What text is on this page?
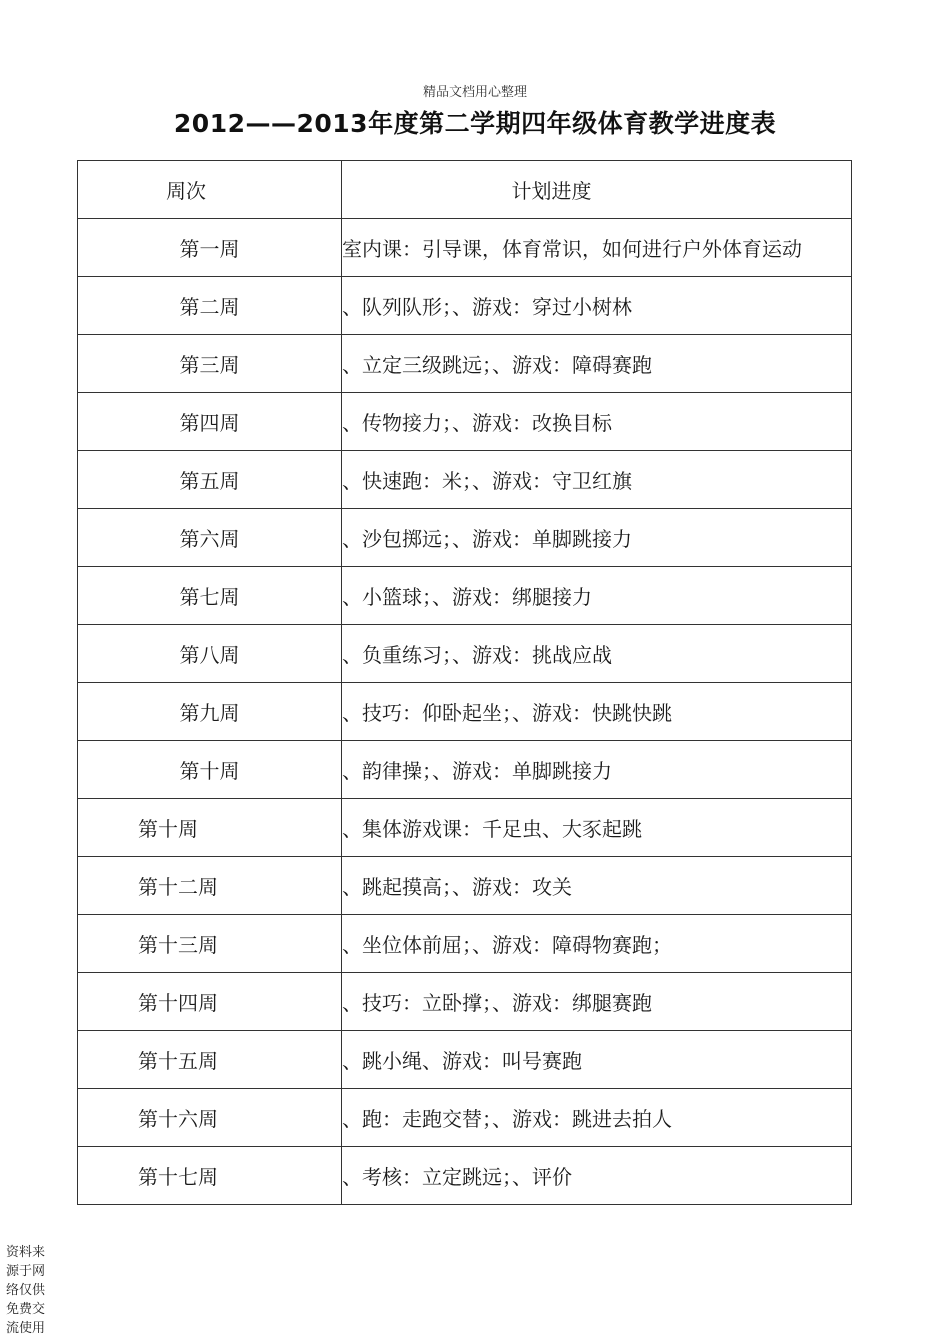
精品文档用心整理
2012——2013年度第二学期四年级体育教学进度表
周次	计划进度
第一周	室内课：引导课，体育常识，如何进行户外体育运动
第二周	、队列队形；、游戏：穿过小树林
第三周	、立定三级跳远；、游戏：障碍赛跑
第四周	、传物接力；、游戏：改换目标
第五周	、快速跑：米；、游戏：守卫红旗
第六周	、沙包掷远；、游戏：单脚跳接力
第七周	、小篮球；、游戏：绑腿接力
第八周	、负重练习；、游戏：挑战应战
第九周	、技巧：仰卧起坐；、游戏：快跳快跳
第十周	、韵律操；、游戏：单脚跳接力
第十周	、集体游戏课：千足虫、大豕起跳
第十二周	、跳起摸高；、游戏：攻关
第十三周	、坐位体前屈；、游戏：障碍物赛跑；
第十四周	、技巧：立卧撑；、游戏：绑腿赛跑
第十五周	、跳小绳、游戏：叫号赛跑
第十六周	、跑：走跑交替；、游戏：跳进去拍人
第十七周	、考核：立定跳远；、评价
资料来源于网络仅供免费交流使用
